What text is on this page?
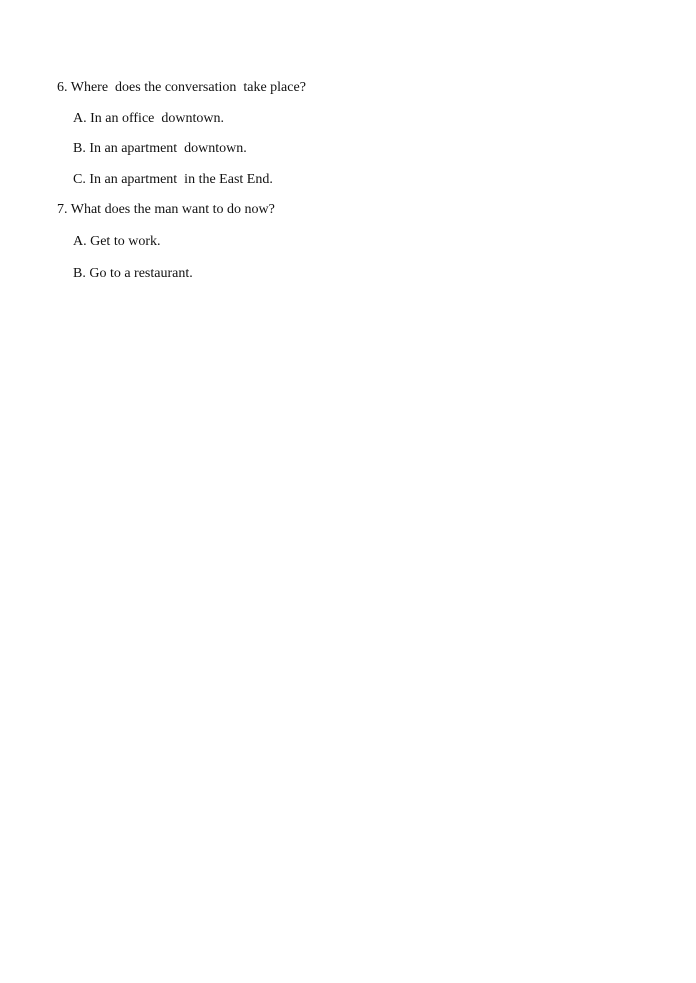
6. Where  does the conversation  take place?
A. In an office  downtown.
B. In an apartment  downtown.
C. In an apartment  in the East End.
7. What does the man want to do now?
A. Get to work.
B. Go to a restaurant.
